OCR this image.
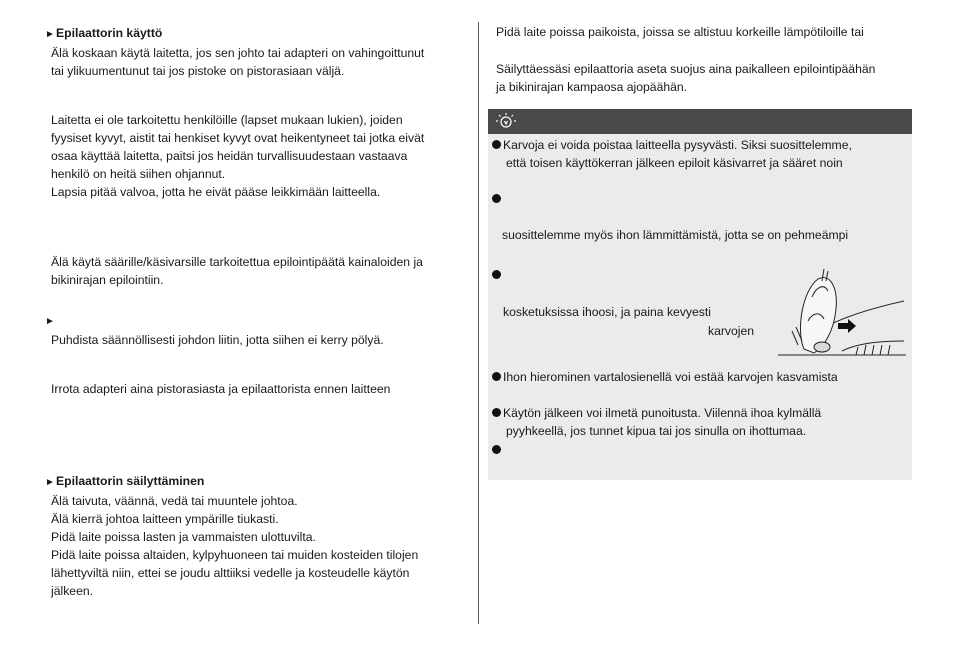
►Epilaattorin käyttö
Älä koskaan käytä laitetta, jos sen johto tai adapteri on vahingoittunut
tai ylikuumentunut tai jos pistoke on pistorasiaan väljä.
Laitetta ei ole tarkoitettu henkilöille (lapset mukaan lukien), joiden
fyysiset kyvyt, aistit tai henkiset kyvyt ovat heikentyneet tai jotka eivät
osaa käyttää laitetta, paitsi jos heidän turvallisuudestaan vastaava
henkilö on heitä siihen ohjannut.
Lapsia pitää valvoa, jotta he eivät pääse leikkimään laitteella.
Älä käytä säärille/käsivarsille tarkoitettua epilointipäätä kainaloiden ja
bikinirajan epilointiin.
►
Puhdista säännöllisesti johdon liitin, jotta siihen ei kerry pölyä.
Irrota adapteri aina pistorasiasta ja epilaattorista ennen laitteen
►Epilaattorin säilyttäminen
Älä taivuta, väännä, vedä tai muuntele johtoa.
Älä kierrä johtoa laitteen ympärille tiukasti.
Pidä laite poissa lasten ja vammaisten ulottuvilta.
Pidä laite poissa altaiden, kylpyhuoneen tai muiden kosteiden tilojen
lähettyviltä niin, ettei se joudu alttiiksi vedelle ja kosteudelle käytön
jälkeen.
Pidä laite poissa paikoista, joissa se altistuu korkeille lämpötiloille tai
Säilyttäessäsi epilaattoria aseta suojus aina paikalleen epilointipäähän
ja bikinirajan kampaosa ajopäähän.
Karvoja ei voida poistaa laitteella pysyvästi. Siksi suosittelemme,
että toisen käyttökerran jälkeen epiloit käsivarret ja sääret noin
suosittelemme myös ihon lämmittämistä, jotta se on pehmeämpi
kosketuksissa ihoosi, ja paina kevyesti
karvojen
Ihon hierominen vartalosienellä voi estää karvojen kasvamista
Käytön jälkeen voi ilmetä punoitusta. Viilennä ihoa kylmällä
pyyhkeellä, jos tunnet kipua tai jos sinulla on ihottumaa.
